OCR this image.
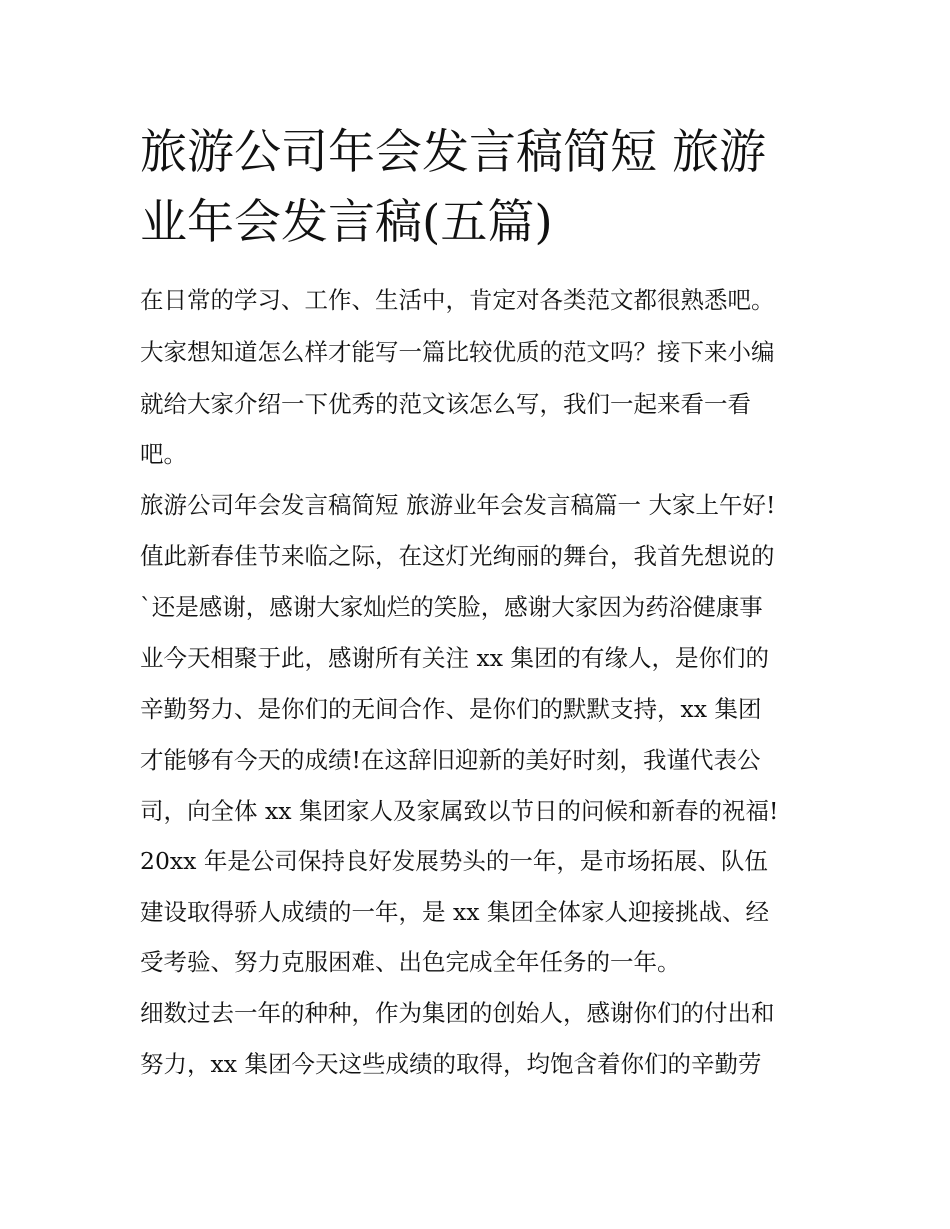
旅游公司年会发言稿简短 旅游
业年会发言稿(五篇)

在日常的学习、工作、生活中，肯定对各类范文都很熟悉吧。

大家想知道怎么样才能写一篇比较优质的范文吗？接下来小编

就给大家介绍一下优秀的范文该怎么写，我们一起来看一看

吧。

旅游公司年会发言稿简短 旅游业年会发言稿篇一 大家上午好!

值此新春佳节来临之际，在这灯光绚丽的舞台，我首先想说的

`还是感谢，感谢大家灿烂的笑脸，感谢大家因为药浴健康事

业今天相聚于此，感谢所有关注 xx 集团的有缘人，是你们的

辛勤努力、是你们的无间合作、是你们的默默支持，xx 集团

才能够有今天的成绩!在这辞旧迎新的美好时刻，我谨代表公

司，向全体 xx 集团家人及家属致以节日的问候和新春的祝福!

20xx 年是公司保持良好发展势头的一年，是市场拓展、队伍

建设取得骄人成绩的一年，是 xx 集团全体家人迎接挑战、经

受考验、努力克服困难、出色完成全年任务的一年。

细数过去一年的种种，作为集团的创始人，感谢你们的付出和

努力，xx 集团今天这些成绩的取得，均饱含着你们的辛勤劳
